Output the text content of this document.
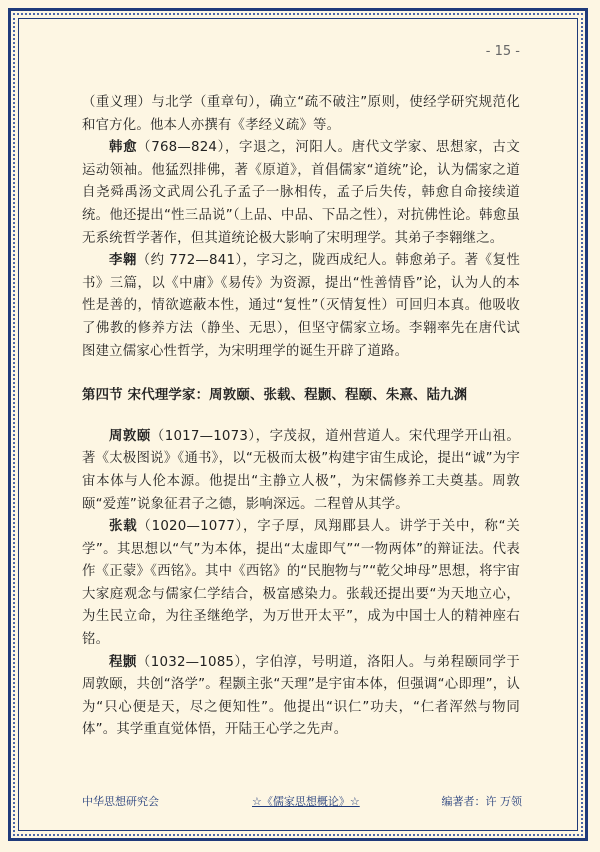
- 15 -

（重义理）与北学（重章句），确立“疏不破注”原则，使经学研究规范化和官方化。他本人亦撰有《孝经义疏》等。

韩愈（768—824），字退之，河阳人。唐代文学家、思想家，古文运动领袖。他猛烈排佛，著《原道》，首倡儒家“道统”论，认为儒家之道自尧舜禹汤文武周公孔子孟子一脉相传，孟子后失传，韩愈自命接续道统。他还提出“性三品说”（上品、中品、下品之性），对抗佛性论。韩愈虽无系统哲学著作，但其道统论极大影响了宋明理学。其弟子李翱继之。

李翱（约 772—841），字习之，陇西成纪人。韩愈弟子。著《复性书》三篇，以《中庸》《易传》为资源，提出“性善情昏”论，认为人的本性是善的，情欲遮蔽本性，通过“复性”（灭情复性）可回归本真。他吸收了佛教的修养方法（静坐、无思），但坚守儒家立场。李翱率先在唐代试图建立儒家心性哲学，为宋明理学的诞生开辟了道路。

第四节 宋代理学家：周敦颐、张载、程颢、程颐、朱熹、陆九渊

周敦颐（1017—1073），字茂叔，道州营道人。宋代理学开山祖。著《太极图说》《通书》，以“无极而太极”构建宇宙生成论，提出“诚”为宇宙本体与人伦本源。他提出“主静立人极”，为宋儒修养工夫奠基。周敦颐“爱莲”说象征君子之德，影响深远。二程曾从其学。

张载（1020—1077），字子厚，凤翔郿县人。讲学于关中，称“关学”。其思想以“气”为本体，提出“太虚即气”“一物两体”的辩证法。代表作《正蒙》《西铭》。其中《西铭》的“民胞物与”“乾父坤母”思想，将宇宙大家庭观念与儒家仁学结合，极富感染力。张载还提出要“为天地立心，为生民立命，为往圣继绝学，为万世开太平”，成为中国士人的精神座右铭。

程颢（1032—1085），字伯淳，号明道，洛阳人。与弟程颐同学于周敦颐，共创“洛学”。程颢主张“天理”是宇宙本体，但强调“心即理”，认为“只心便是天，尽之便知性”。他提出“识仁”功夫，“仁者浑然与物同体”。其学重直觉体悟，开陆王心学之先声。

中华思想研究会	☆《儒家思想概论》☆	编著者：许 万领
